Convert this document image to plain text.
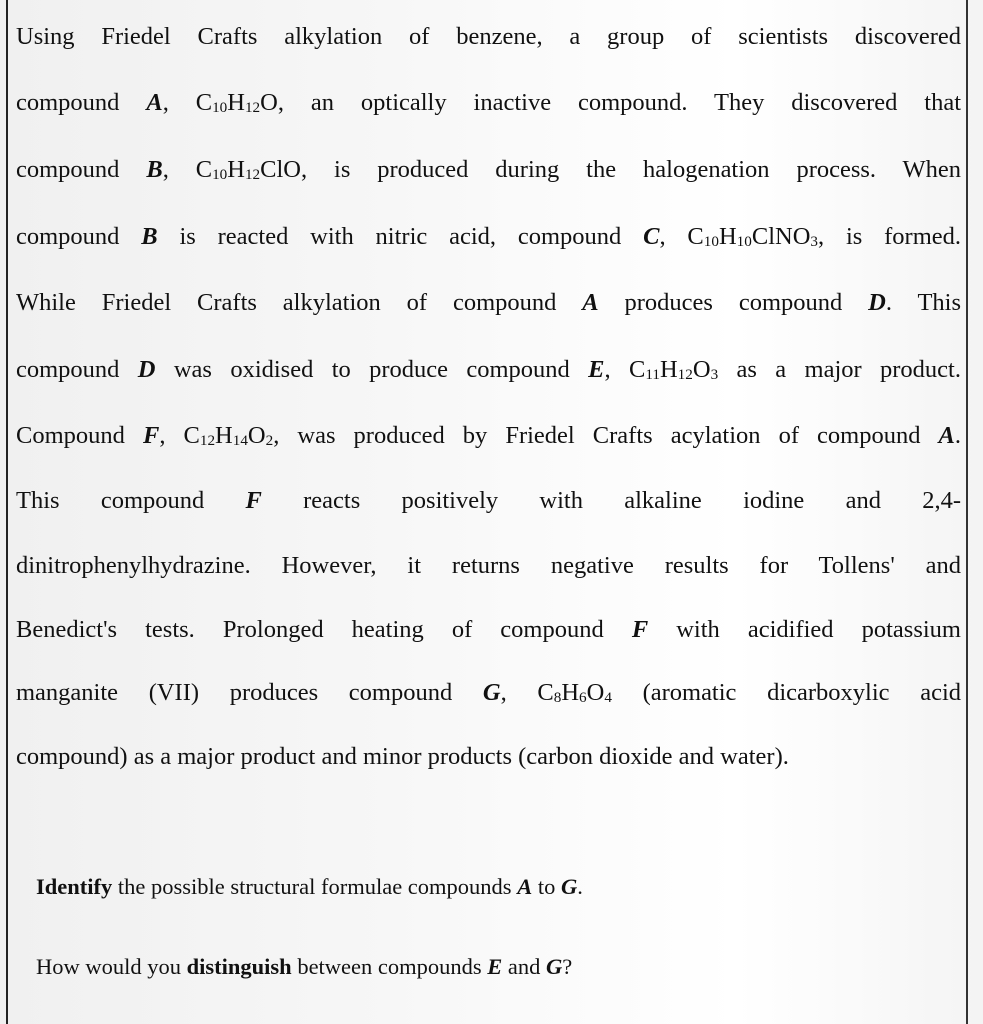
Using Friedel Crafts alkylation of benzene, a group of scientists discovered
compound A, $C_{10}H_{12}O$, an optically inactive compound. They discovered that
compound B, $C_{10}H_{12}ClO$, is produced during the halogenation process. When
compound B is reacted with nitric acid, compound C, $C_{10}H_{10}ClNO_3$, is formed.
While Friedel Crafts alkylation of compound A produces compound D. This
compound D was oxidised to produce compound E, $C_{11}H_{12}O_3$ as a major product.
Compound F, $C_{12}H_{14}O_2$, was produced by Friedel Crafts acylation of compound A.
This compound F reacts positively with alkaline iodine and 2,4-
dinitrophenylhydrazine. However, it returns negative results for Tollens' and
Benedict's tests. Prolonged heating of compound F with acidified potassium
manganite (VII) produces compound G, $C_8H_6O_4$ (aromatic dicarboxylic acid
compound) as a major product and minor products (carbon dioxide and water).
Identify the possible structural formulae compounds A to G.
How would you distinguish between compounds E and G?
